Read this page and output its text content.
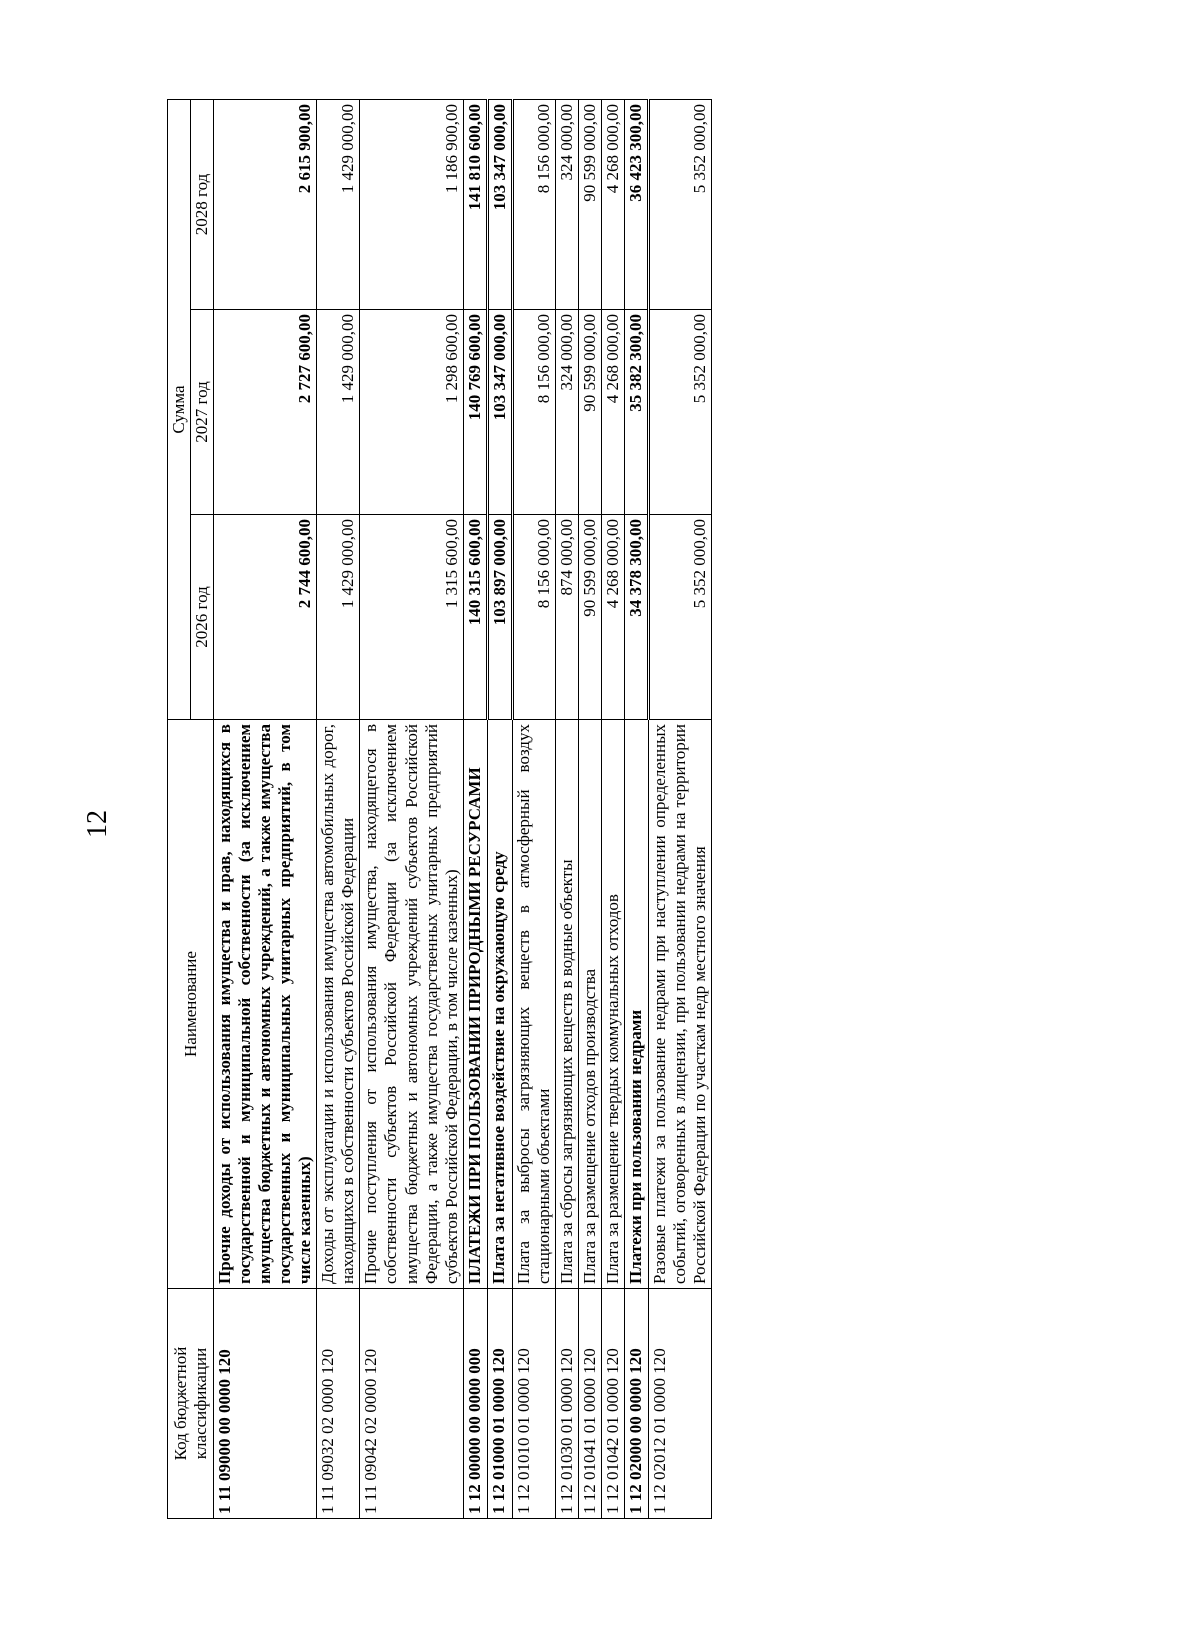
12
Код бюджетной классификации	Наименование	Сумма		
		2026 год	2027 год	2028 год
1 11 09000 00 0000 120	Прочие доходы от использования имущества и прав, находящихся в государственной и муниципальной собственности (за исключением имущества бюджетных и автономных учреждений, а также имущества государственных и муниципальных унитарных предприятий, в том числе казенных)	2 744 600,00	2 727 600,00	2 615 900,00
1 11 09032 02 0000 120	Доходы от эксплуатации и использования имущества автомобильных дорог, находящихся в собственности субъектов Российской Федерации	1 429 000,00	1 429 000,00	1 429 000,00
1 11 09042 02 0000 120	Прочие поступления от использования имущества, находящегося в собственности субъектов Российской Федерации (за исключением имущества бюджетных и автономных учреждений субъектов Российской Федерации, а также имущества государственных унитарных предприятий субъектов Российской Федерации, в том числе казенных)	1 315 600,00	1 298 600,00	1 186 900,00
1 12 00000 00 0000 000	ПЛАТЕЖИ ПРИ ПОЛЬЗОВАНИИ ПРИРОДНЫМИ РЕСУРСАМИ	140 315 600,00	140 769 600,00	141 810 600,00
1 12 01000 01 0000 120	Плата за негативное воздействие на окружающую среду	103 897 000,00	103 347 000,00	103 347 000,00
1 12 01010 01 0000 120	Плата за выбросы загрязняющих веществ в атмосферный воздух стационарными объектами	8 156 000,00	8 156 000,00	8 156 000,00
1 12 01030 01 0000 120	Плата за сбросы загрязняющих веществ в водные объекты	874 000,00	324 000,00	324 000,00
1 12 01041 01 0000 120	Плата за размещение отходов производства	90 599 000,00	90 599 000,00	90 599 000,00
1 12 01042 01 0000 120	Плата за размещение твердых коммунальных отходов	4 268 000,00	4 268 000,00	4 268 000,00
1 12 02000 00 0000 120	Платежи при пользовании недрами	34 378 300,00	35 382 300,00	36 423 300,00
1 12 02012 01 0000 120	Разовые платежи за пользование недрами при наступлении определенных событий, оговоренных в лицензии, при пользовании недрами на территории Российской Федерации по участкам недр местного значения	5 352 000,00	5 352 000,00	5 352 000,00
